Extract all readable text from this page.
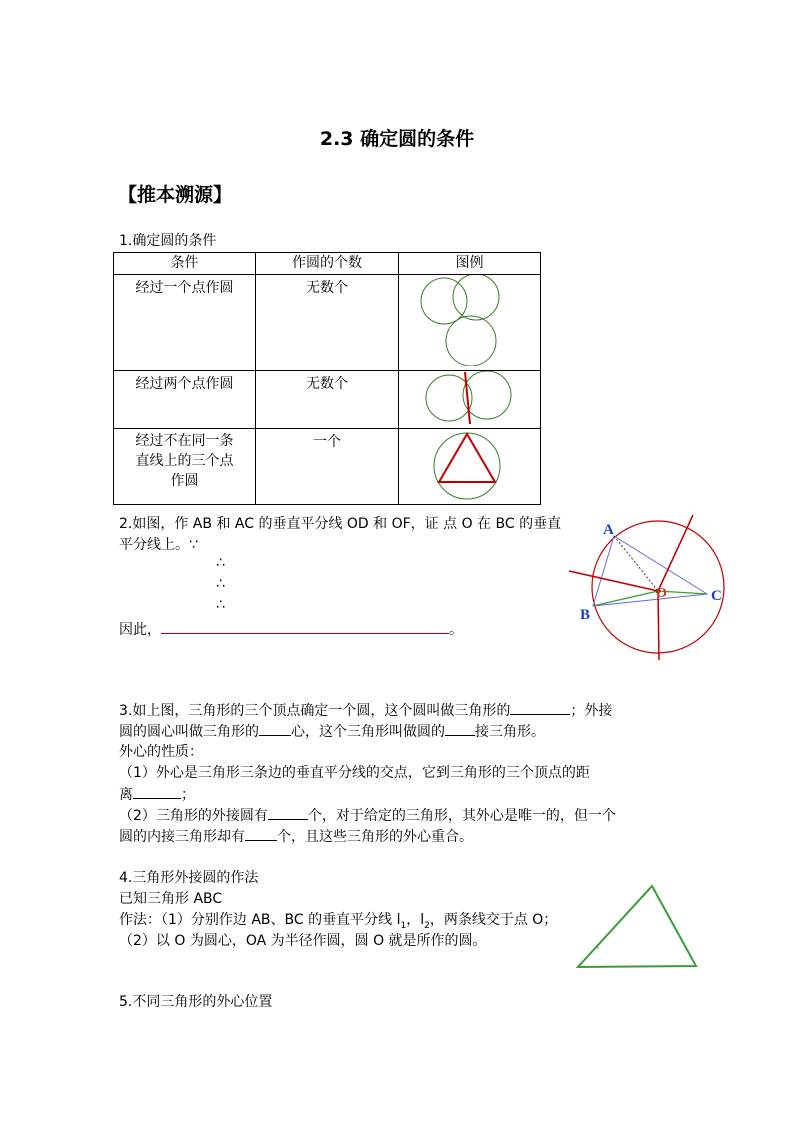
2.3 确定圆的条件
【推本溯源】
1.确定圆的条件
条件	作圆的个数	图例

经过一个点作圆	无数个

经过两个点作圆	无数个

经过不在同一条
直线上的三个点
作圆	一个

2.如图，作 AB 和 AC 的垂直平分线 OD 和 OF，证 点 O 在 BC 的垂直
平分线上。∵
∴
∴
∴
因此，	。
A
B
C
O
3.如上图，三角形的三个顶点确定一个圆，这个圆叫做三角形的	；外接
圆的圆心叫做三角形的 心，这个三角形叫做圆的 接三角形。
外心的性质：
（1）外心是三角形三条边的垂直平分线的交点，它到三角形的三个顶点的距
离	；
（2）三角形的外接圆有	个，对于给定的三角形，其外心是唯一的，但一个
圆的内接三角形却有 个，且这些三角形的外心重合。
4.三角形外接圆的作法
已知三角形 ABC
作法：（1）分别作边 AB、BC 的垂直平分线 $l_1$，$l_2$，两条线交于点 O；
（2）以 O 为圆心，OA 为半径作圆，圆 O 就是所作的圆。
5.不同三角形的外心位置
